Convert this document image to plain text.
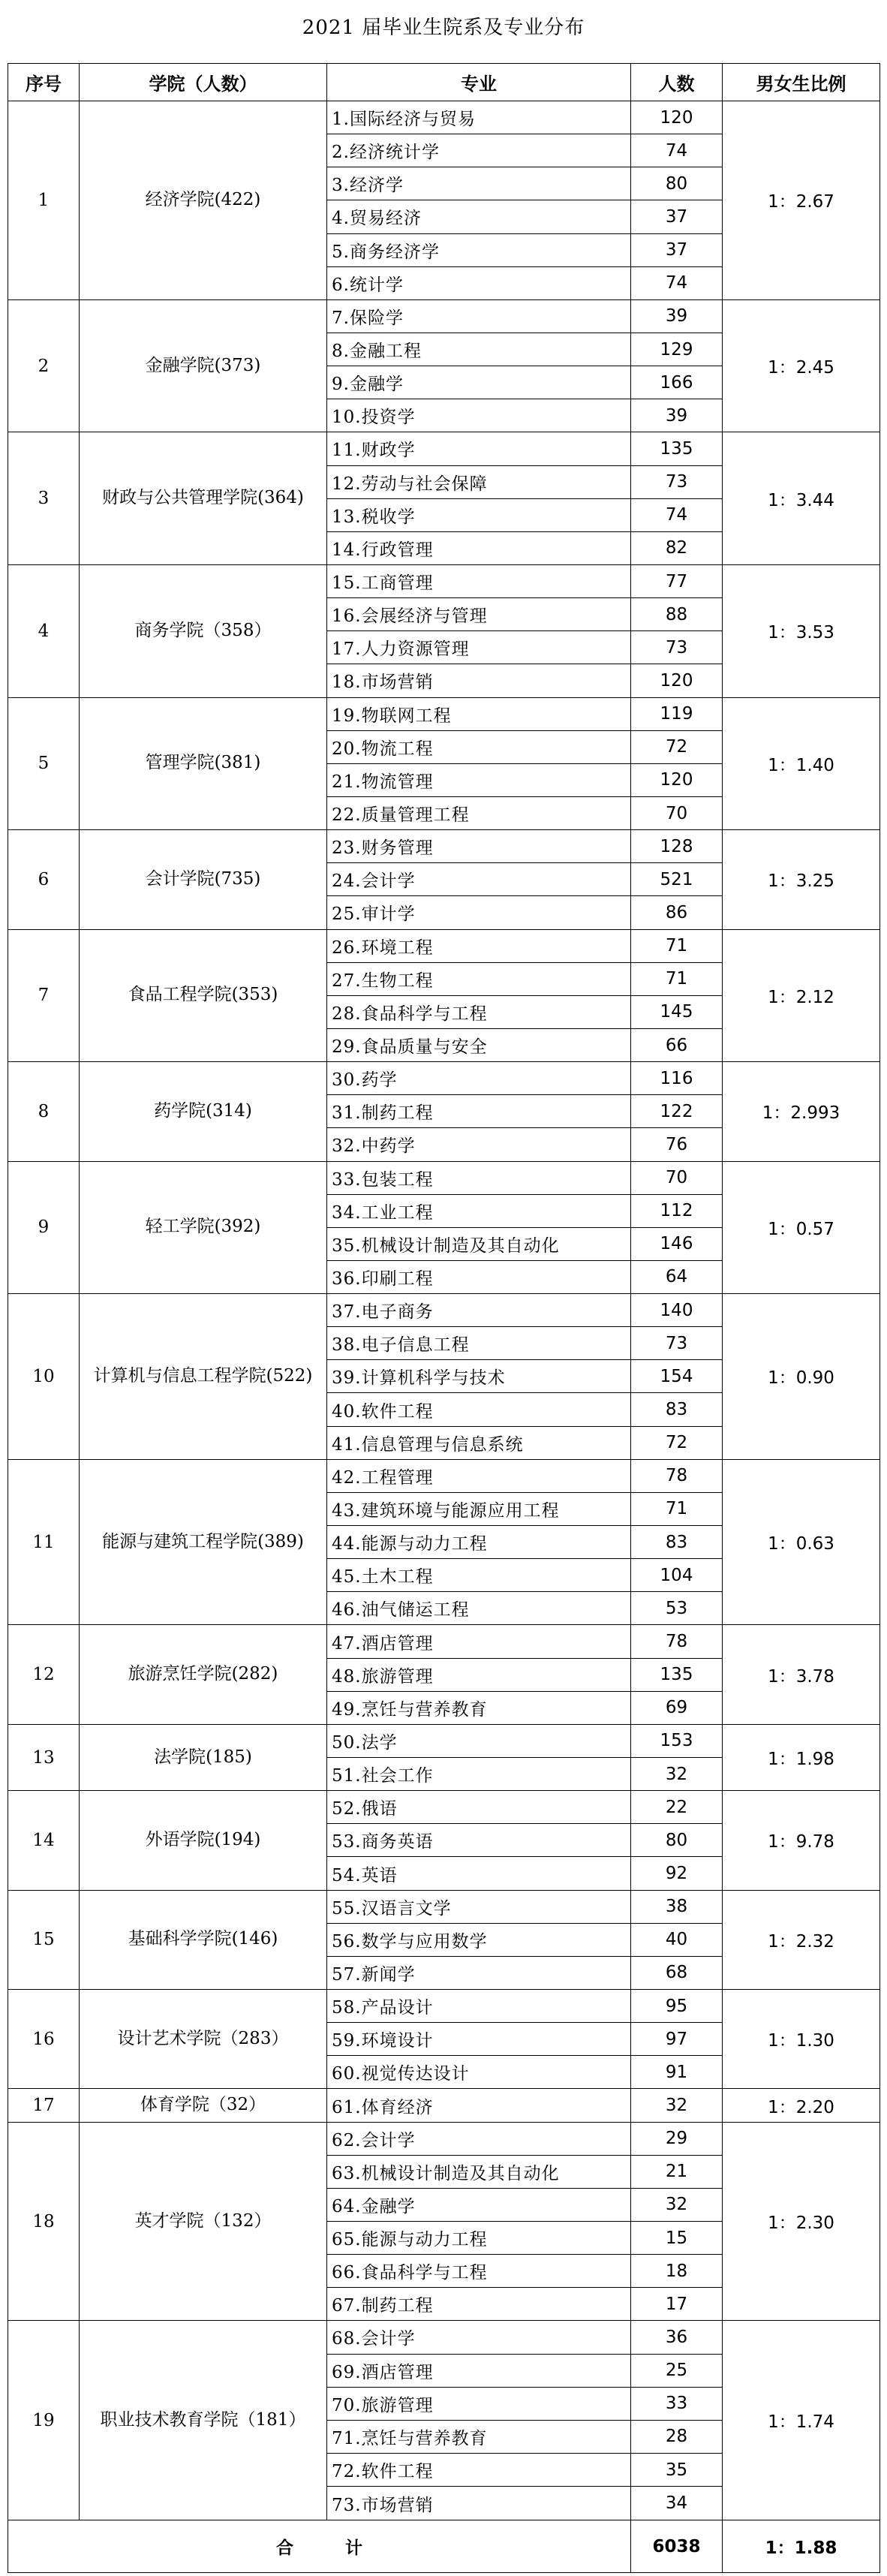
2021 届毕业生院系及专业分布
序号	学院（人数）	专业	人数	男女生比例
1	经济学院(422)	1.国际经济与贸易	120	1：2.67
		2.经济统计学	74	
		3.经济学	80	
		4.贸易经济	37	
		5.商务经济学	37	
		6.统计学	74	
2	金融学院(373)	7.保险学	39	1：2.45
		8.金融工程	129	
		9.金融学	166	
		10.投资学	39	
3	财政与公共管理学院(364)	11.财政学	135	1：3.44
		12.劳动与社会保障	73	
		13.税收学	74	
		14.行政管理	82	
4	商务学院（358）	15.工商管理	77	1：3.53
		16.会展经济与管理	88	
		17.人力资源管理	73	
		18.市场营销	120	
5	管理学院(381)	19.物联网工程	119	1：1.40
		20.物流工程	72	
		21.物流管理	120	
		22.质量管理工程	70	
6	会计学院(735)	23.财务管理	128	1：3.25
		24.会计学	521	
		25.审计学	86	
7	食品工程学院(353)	26.环境工程	71	1：2.12
		27.生物工程	71	
		28.食品科学与工程	145	
		29.食品质量与安全	66	
8	药学院(314)	30.药学	116	1：2.993
		31.制药工程	122	
		32.中药学	76	
9	轻工学院(392)	33.包装工程	70	1：0.57
		34.工业工程	112	
		35.机械设计制造及其自动化	146	
		36.印刷工程	64	
10	计算机与信息工程学院(522)	37.电子商务	140	1：0.90
		38.电子信息工程	73	
		39.计算机科学与技术	154	
		40.软件工程	83	
		41.信息管理与信息系统	72	
11	能源与建筑工程学院(389)	42.工程管理	78	1：0.63
		43.建筑环境与能源应用工程	71	
		44.能源与动力工程	83	
		45.土木工程	104	
		46.油气储运工程	53	
12	旅游烹饪学院(282)	47.酒店管理	78	1：3.78
		48.旅游管理	135	
		49.烹饪与营养教育	69	
13	法学院(185)	50.法学	153	1：1.98
		51.社会工作	32	
14	外语学院(194)	52.俄语	22	1：9.78
		53.商务英语	80	
		54.英语	92	
15	基础科学学院(146)	55.汉语言文学	38	1：2.32
		56.数学与应用数学	40	
		57.新闻学	68	
16	设计艺术学院（283）	58.产品设计	95	1：1.30
		59.环境设计	97	
		60.视觉传达设计	91	
17	体育学院（32）	61.体育经济	32	1：2.20
18	英才学院（132）	62.会计学	29	1：2.30
		63.机械设计制造及其自动化	21	
		64.金融学	32	
		65.能源与动力工程	15	
		66.食品科学与工程	18	
		67.制药工程	17	
19	职业技术教育学院（181）	68.会计学	36	1：1.74
		69.酒店管理	25	
		70.旅游管理	33	
		71.烹饪与营养教育	28	
		72.软件工程	35	
		73.市场营销	34	
合　　　计			6038	1：1.88
